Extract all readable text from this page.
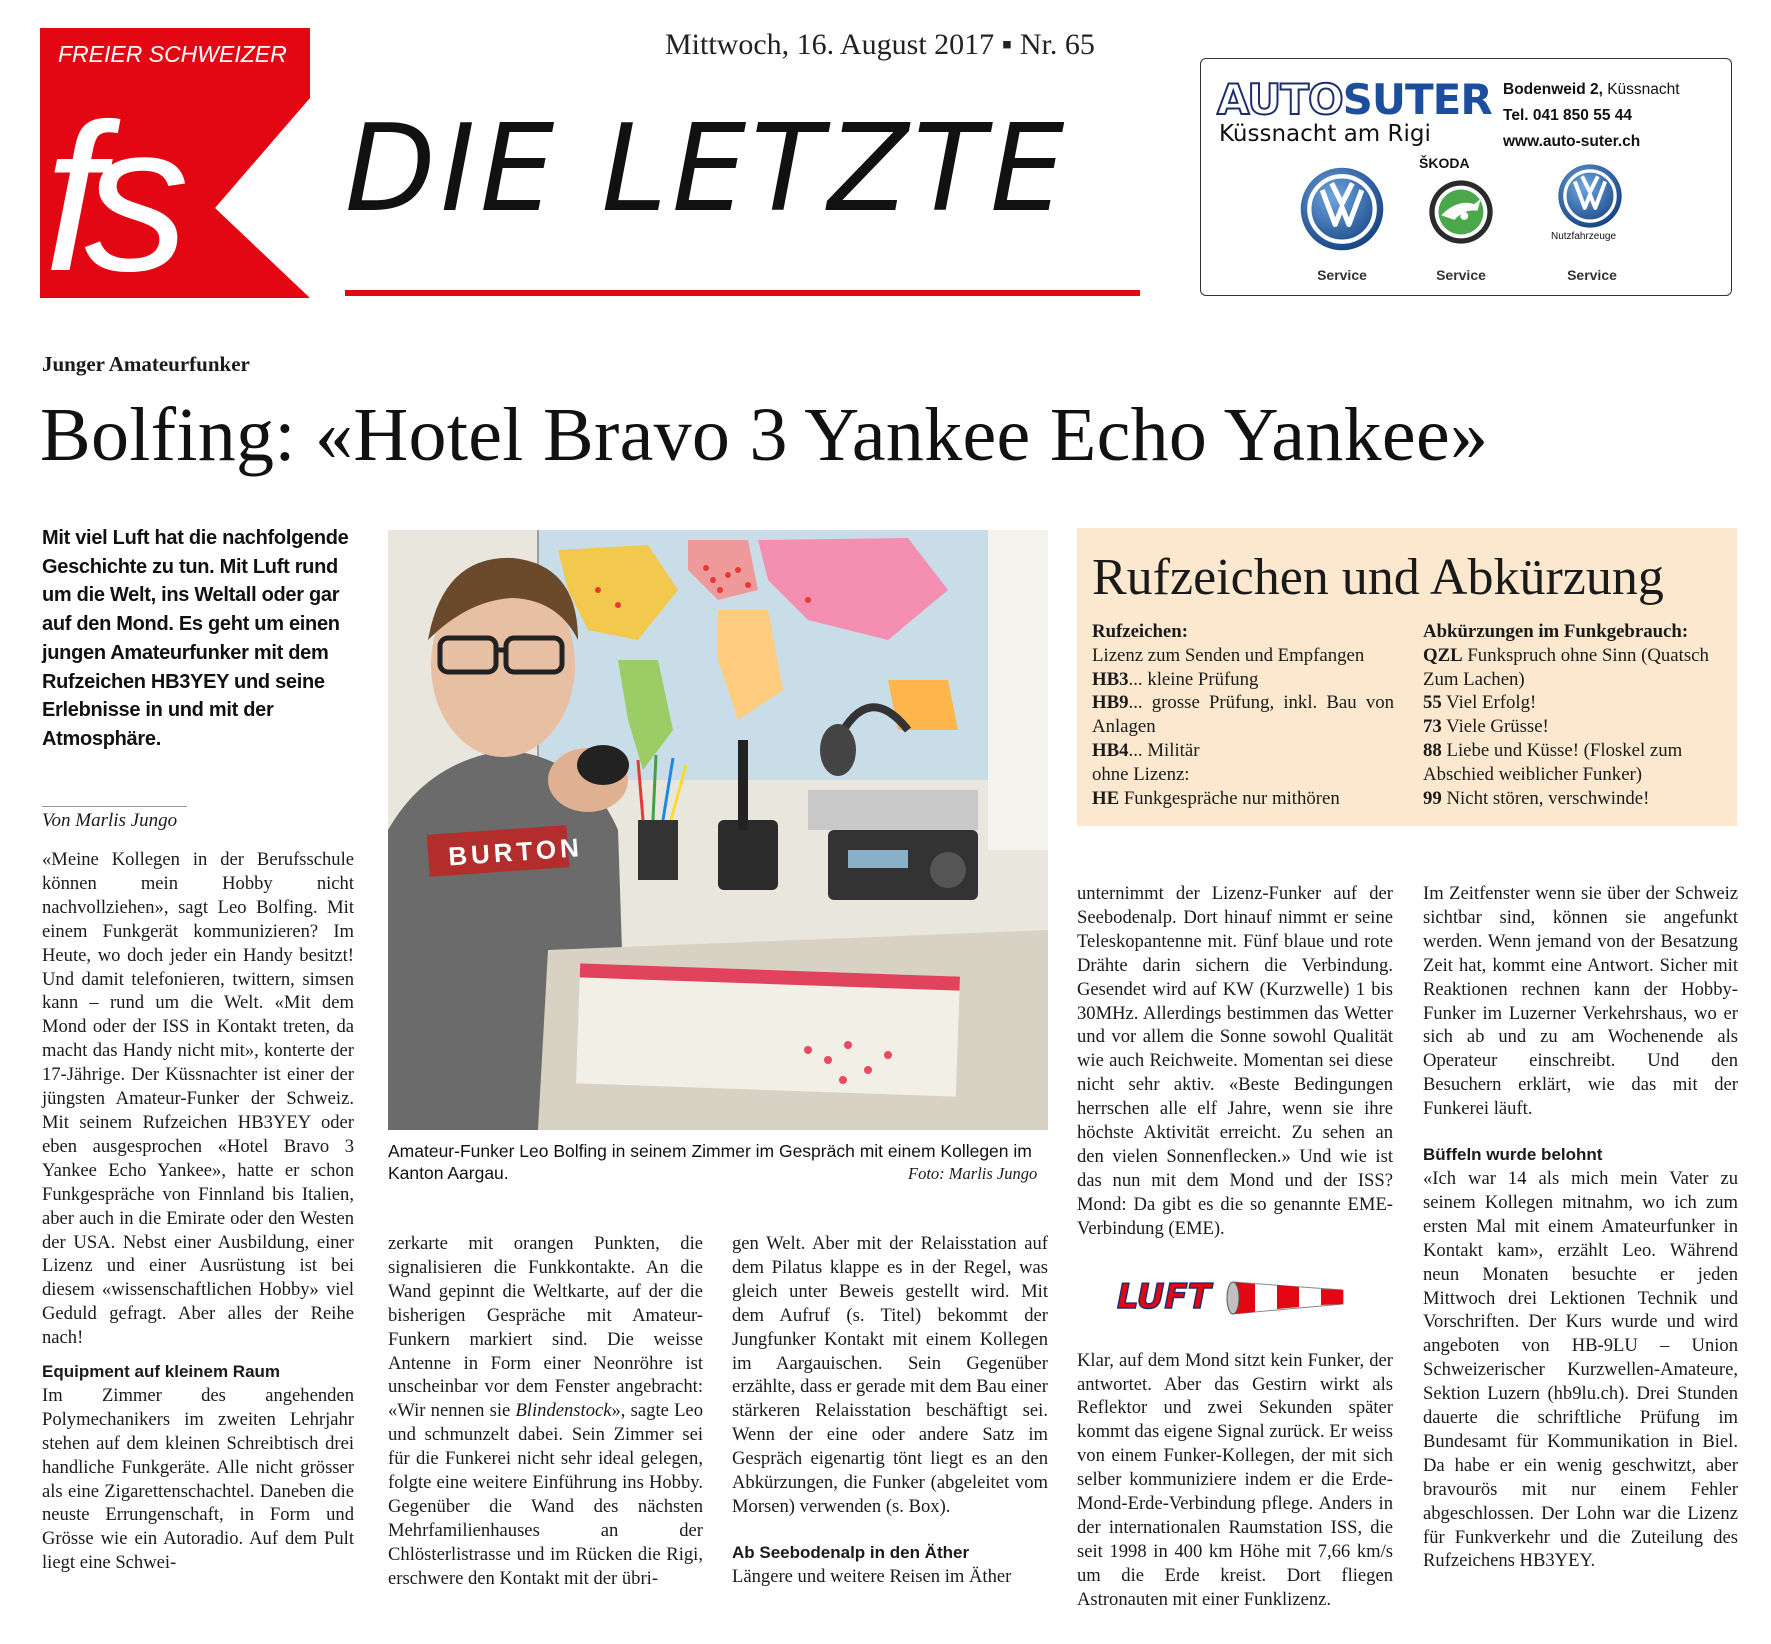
FREIER SCHWEIZER
fs
Mittwoch, 16. August 2017 ▪ Nr. 65
DIE LETZTE
AUTOSUTER
Küssnacht am Rigi
Bodenweid 2, Küssnacht
Tel. 041 850 55 44
www.auto-suter.ch
ŠKODA
Nutzfahrzeuge
Service	Service	Service
Junger Amateurfunker
Bolfing: «Hotel Bravo 3 Yankee Echo Yankee»
Mit viel Luft hat die nachfolgende Geschichte zu tun. Mit Luft rund um die Welt, ins Weltall oder gar auf den Mond. Es geht um einen jungen Amateurfunker mit dem Rufzeichen HB3YEY und seine Erlebnisse in und mit der Atmosphäre.
Von Marlis Jungo

«Meine Kollegen in der Berufsschule können mein Hobby nicht nachvollziehen», sagt Leo Bolfing. Mit einem Funkgerät kommunizieren? Im Heute, wo doch jeder ein Handy besitzt! Und damit telefonieren, twittern, simsen kann – rund um die Welt. «Mit dem Mond oder der ISS in Kontakt treten, da macht das Handy nicht mit», konterte der 17-Jährige. Der Küssnachter ist einer der jüngsten Amateur-Funker der Schweiz. Mit seinem Rufzeichen HB3YEY oder eben ausgesprochen «Hotel Bravo 3 Yankee Echo Yankee», hatte er schon Funkgespräche von Finnland bis Italien, aber auch in die Emirate oder den Westen der USA. Nebst einer Ausbildung, einer Lizenz und einer Ausrüstung ist bei diesem «wissenschaftlichen Hobby» viel Geduld gefragt. Aber alles der Reihe nach!

Equipment auf kleinem Raum

Im Zimmer des angehenden Polymechanikers im zweiten Lehrjahr stehen auf dem kleinen Schreibtisch drei handliche Funkgeräte. Alle nicht grösser als eine Zigarettenschachtel. Daneben die neuste Errungenschaft, in Form und Grösse wie ein Autoradio. Auf dem Pult liegt eine Schwei-

BURTON
Amateur-Funker Leo Bolfing in seinem Zimmer im Gespräch mit einem Kollegen im Kanton Aargau.	Foto: Marlis Jungo

zerkarte mit orangen Punkten, die signalisieren die Funkkontakte. An die Wand gepinnt die Weltkarte, auf der die bisherigen Gespräche mit Amateur-Funkern markiert sind. Die weisse Antenne in Form einer Neonröhre ist unscheinbar vor dem Fenster angebracht: «Wir nennen sie Blindenstock», sagte Leo und schmunzelt dabei. Sein Zimmer sei für die Funkerei nicht sehr ideal gelegen, folgte eine weitere Einführung ins Hobby. Gegenüber die Wand des nächsten Mehrfamilienhauses an der Chlösterlistrasse und im Rücken die Rigi, erschwere den Kontakt mit der übri-

gen Welt. Aber mit der Relaisstation auf dem Pilatus klappe es in der Regel, was gleich unter Beweis gestellt wird. Mit dem Aufruf (s. Titel) bekommt der Jungfunker Kontakt mit einem Kollegen im Aargauischen. Sein Gegenüber erzählte, dass er gerade mit dem Bau einer stärkeren Relaisstation beschäftigt sei. Wenn der eine oder andere Satz im Gespräch eigenartig tönt liegt es an den Abkürzungen, die Funker (abgeleitet vom Morsen) verwenden (s. Box).

Ab Seebodenalp in den Äther

Längere und weitere Reisen im Äther

Rufzeichen und Abkürzung
Rufzeichen:
Lizenz zum Senden und Empfangen
HB3... kleine Prüfung
HB9... grosse Prüfung, inkl. Bau von Anlagen
HB4... Militär
ohne Lizenz:
HE Funkgespräche nur mithören
Abkürzungen im Funkgebrauch:
QZL Funkspruch ohne Sinn (Quatsch Zum Lachen)
55 Viel Erfolg!
73 Viele Grüsse!
88 Liebe und Küsse! (Floskel zum Abschied weiblicher Funker)
99 Nicht stören, verschwinde!

unternimmt der Lizenz-Funker auf der Seebodenalp. Dort hinauf nimmt er seine Teleskopantenne mit. Fünf blaue und rote Drähte darin sichern die Verbindung. Gesendet wird auf KW (Kurzwelle) 1 bis 30MHz. Allerdings bestimmen das Wetter und vor allem die Sonne sowohl Qualität wie auch Reichweite. Momentan sei diese nicht sehr aktiv. «Beste Bedingungen herrschen alle elf Jahre, wenn sie ihre höchste Aktivität erreicht. Zu sehen an den vielen Sonnenflecken.» Und wie ist das nun mit dem Mond und der ISS? Mond: Da gibt es die so genannte EME-Verbindung (EME).

Klar, auf dem Mond sitzt kein Funker, der antwortet. Aber das Gestirn wirkt als Reflektor und zwei Sekunden später kommt das eigene Signal zurück. Er weiss von einem Funker-Kollegen, der mit sich selber kommuniziere indem er die Erde-Mond-Erde-Verbindung pflege. Anders in der internationalen Raumstation ISS, die seit 1998 in 400 km Höhe mit 7,66 km/s um die Erde kreist. Dort fliegen Astronauten mit einer Funklizenz.

LUFT

Im Zeitfenster wenn sie über der Schweiz sichtbar sind, können sie angefunkt werden. Wenn jemand von der Besatzung Zeit hat, kommt eine Antwort. Sicher mit Reaktionen rechnen kann der Hobby-Funker im Luzerner Verkehrshaus, wo er sich ab und zu am Wochenende als Operateur einschreibt. Und den Besuchern erklärt, wie das mit der Funkerei läuft.

Büffeln wurde belohnt

«Ich war 14 als mich mein Vater zu seinem Kollegen mitnahm, wo ich zum ersten Mal mit einem Amateurfunker in Kontakt kam», erzählt Leo. Während neun Monaten besuchte er jeden Mittwoch drei Lektionen Technik und Vorschriften. Der Kurs wurde und wird angeboten von HB-9LU – Union Schweizerischer Kurzwellen-Amateure, Sektion Luzern (hb9lu.ch). Drei Stunden dauerte die schriftliche Prüfung im Bundesamt für Kommunikation in Biel. Da habe er ein wenig geschwitzt, aber bravourös mit nur einem Fehler abgeschlossen. Der Lohn war die Lizenz für Funkverkehr und die Zuteilung des Rufzeichens HB3YEY.
